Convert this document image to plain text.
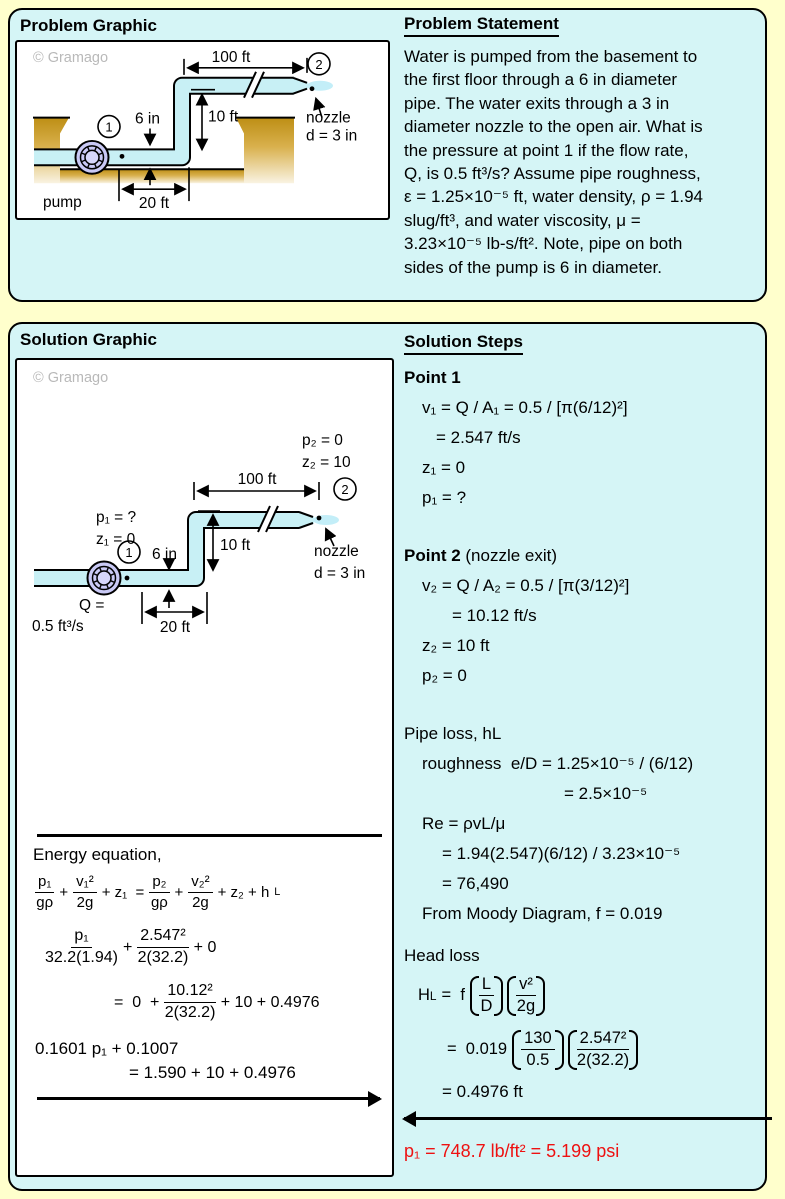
Problem Graphic
© Gramago
1
2
100 ft
6 in	10 ft
20 ft
pump
nozzle
d = 3 in
Problem Statement
Water is pumped from the basement to
the first floor through a 6 in diameter
pipe. The water exits through a 3 in
diameter nozzle to the open air. What is
the pressure at point 1 if the flow rate,
Q, is 0.5 ft³/s? Assume pipe roughness,
ε = 1.25×10⁻⁵ ft, water density, ρ = 1.94
slug/ft³, and water viscosity, μ =
3.23×10⁻⁵ lb-s/ft². Note, pipe on both
sides of the pump is 6 in diameter.
Solution Graphic
© Gramago
1
2
p₂ = 0
z₂ = 10
p₁ = ?
z₁ = 0
100 ft
6 in
10 ft
20 ft
Q =
0.5 ft³/s
nozzle
d = 3 in
Energy equation,
$\frac{\text{p₁}}{g\rho} + \frac{\text{v₁²}}{2g} + z_1 = \frac{\text{p₂}}{g\rho} + \frac{\text{v₂²}}{2g} + z_2 + h$ L
$\frac{\text{p₁}}{32.2(1.94)} + \frac{\text{2.547²}}{2(32.2)} + 0$
=  $0 + \frac{\text{10.12²}}{2(32.2)} + 10 + 0.4976$
0.1601 p₁ + 0.1007
= 1.590 + 10 + 0.4976
Solution Steps
Point 1
v₁ = Q / A₁ = 0.5 / [π(6/12)²]
= 2.547 ft/s
z₁ = 0
p₁ = ?
Point 2 (nozzle exit)
v₂ = Q / A₂ = 0.5 / [π(3/12)²]
= 10.12 ft/s
z₂ = 10 ft
p₂ = 0
Pipe loss, hL
roughness  e/D = 1.25×10⁻⁵ / (6/12)
= 2.5×10⁻⁵
Re = ρvL/μ
= 1.94(2.547)(6/12) / 3.23×10⁻⁵
= 76,490
From Moody Diagram, f = 0.019
Head loss
H L =  f $\frac{L}{D} \frac{\text{v²}}{2g}$
=  $0.019 \frac{130}{0.5} \frac{\text{2.547²}}{2(32.2)}$
= 0.4976 ft
p₁ = 748.7 lb/ft² = 5.199 psi
